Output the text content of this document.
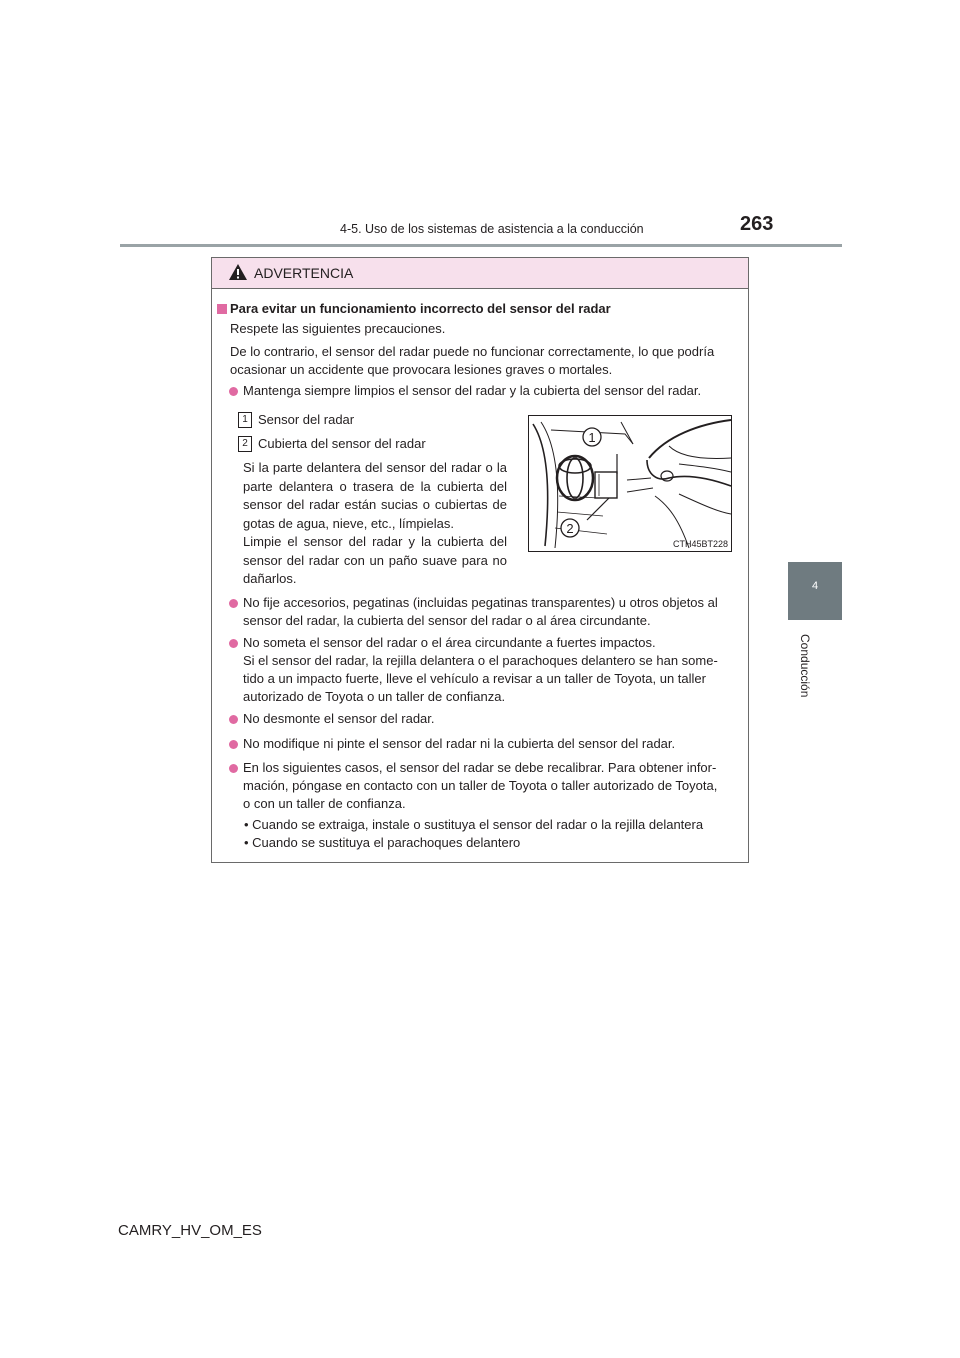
4-5. Uso de los sistemas de asistencia a la conducción	263
4
Conducción
ADVERTENCIA
Para evitar un funcionamiento incorrecto del sensor del radar
Respete las siguientes precauciones.
De lo contrario, el sensor del radar puede no funcionar correctamente, lo que podría
ocasionar un accidente que provocara lesiones graves o mortales.
Mantenga siempre limpios el sensor del radar y la cubierta del sensor del radar.
1 Sensor del radar
2 Cubierta del sensor del radar
Si la parte delantera del sensor del radar o la parte delantera o trasera de la cubierta del sensor del radar están sucias o cubiertas de gotas de agua, nieve, etc., límpielas.
Limpie el sensor del radar y la cubierta del sensor del radar con un paño suave para no dañarlos.
1
2
CTH45BT228
No fije accesorios, pegatinas (incluidas pegatinas transparentes) u otros objetos al
sensor del radar, la cubierta del sensor del radar o al área circundante.
No someta el sensor del radar o el área circundante a fuertes impactos.
Si el sensor del radar, la rejilla delantera o el parachoques delantero se han some-
tido a un impacto fuerte, lleve el vehículo a revisar a un taller de Toyota, un taller
autorizado de Toyota o un taller de confianza.
No desmonte el sensor del radar.
No modifique ni pinte el sensor del radar ni la cubierta del sensor del radar.
En los siguientes casos, el sensor del radar se debe recalibrar. Para obtener infor-
mación, póngase en contacto con un taller de Toyota o taller autorizado de Toyota,
o con un taller de confianza.
• Cuando se extraiga, instale o sustituya el sensor del radar o la rejilla delantera
• Cuando se sustituya el parachoques delantero
CAMRY_HV_OM_ES
